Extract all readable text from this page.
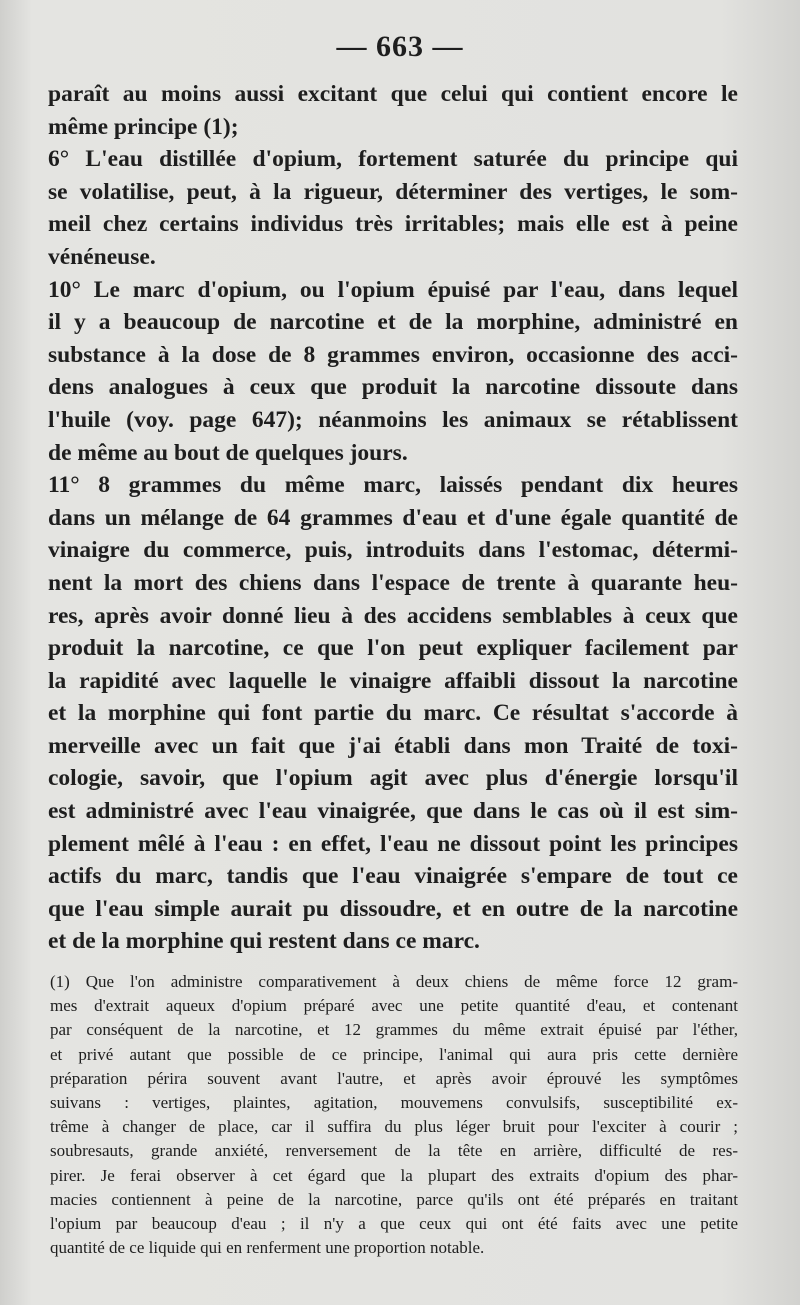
— 663 —
paraît au moins aussi excitant que celui qui contient encore le
même principe (1);
6° L'eau distillée d'opium, fortement saturée du principe qui
se volatilise, peut, à la rigueur, déterminer des vertiges, le som-
meil chez certains individus très irritables; mais elle est à peine
vénéneuse.
10° Le marc d'opium, ou l'opium épuisé par l'eau, dans lequel
il y a beaucoup de narcotine et de la morphine, administré en
substance à la dose de 8 grammes environ, occasionne des acci-
dens analogues à ceux que produit la narcotine dissoute dans
l'huile (voy. page 647); néanmoins les animaux se rétablissent
de même au bout de quelques jours.
11° 8 grammes du même marc, laissés pendant dix heures
dans un mélange de 64 grammes d'eau et d'une égale quantité de
vinaigre du commerce, puis, introduits dans l'estomac, détermi-
nent la mort des chiens dans l'espace de trente à quarante heu-
res, après avoir donné lieu à des accidens semblables à ceux que
produit la narcotine, ce que l'on peut expliquer facilement par
la rapidité avec laquelle le vinaigre affaibli dissout la narcotine
et la morphine qui font partie du marc. Ce résultat s'accorde à
merveille avec un fait que j'ai établi dans mon Traité de toxi-
cologie, savoir, que l'opium agit avec plus d'énergie lorsqu'il
est administré avec l'eau vinaigrée, que dans le cas où il est sim-
plement mêlé à l'eau : en effet, l'eau ne dissout point les principes
actifs du marc, tandis que l'eau vinaigrée s'empare de tout ce
que l'eau simple aurait pu dissoudre, et en outre de la narcotine
et de la morphine qui restent dans ce marc.
(1) Que l'on administre comparativement à deux chiens de même force 12 gram-
mes d'extrait aqueux d'opium préparé avec une petite quantité d'eau, et contenant
par conséquent de la narcotine, et 12 grammes du même extrait épuisé par l'éther,
et privé autant que possible de ce principe, l'animal qui aura pris cette dernière
préparation périra souvent avant l'autre, et après avoir éprouvé les symptômes
suivans : vertiges, plaintes, agitation, mouvemens convulsifs, susceptibilité ex-
trême à changer de place, car il suffira du plus léger bruit pour l'exciter à courir ;
soubresauts, grande anxiété, renversement de la tête en arrière, difficulté de res-
pirer. Je ferai observer à cet égard que la plupart des extraits d'opium des phar-
macies contiennent à peine de la narcotine, parce qu'ils ont été préparés en traitant
l'opium par beaucoup d'eau ; il n'y a que ceux qui ont été faits avec une petite
quantité de ce liquide qui en renferment une proportion notable.
